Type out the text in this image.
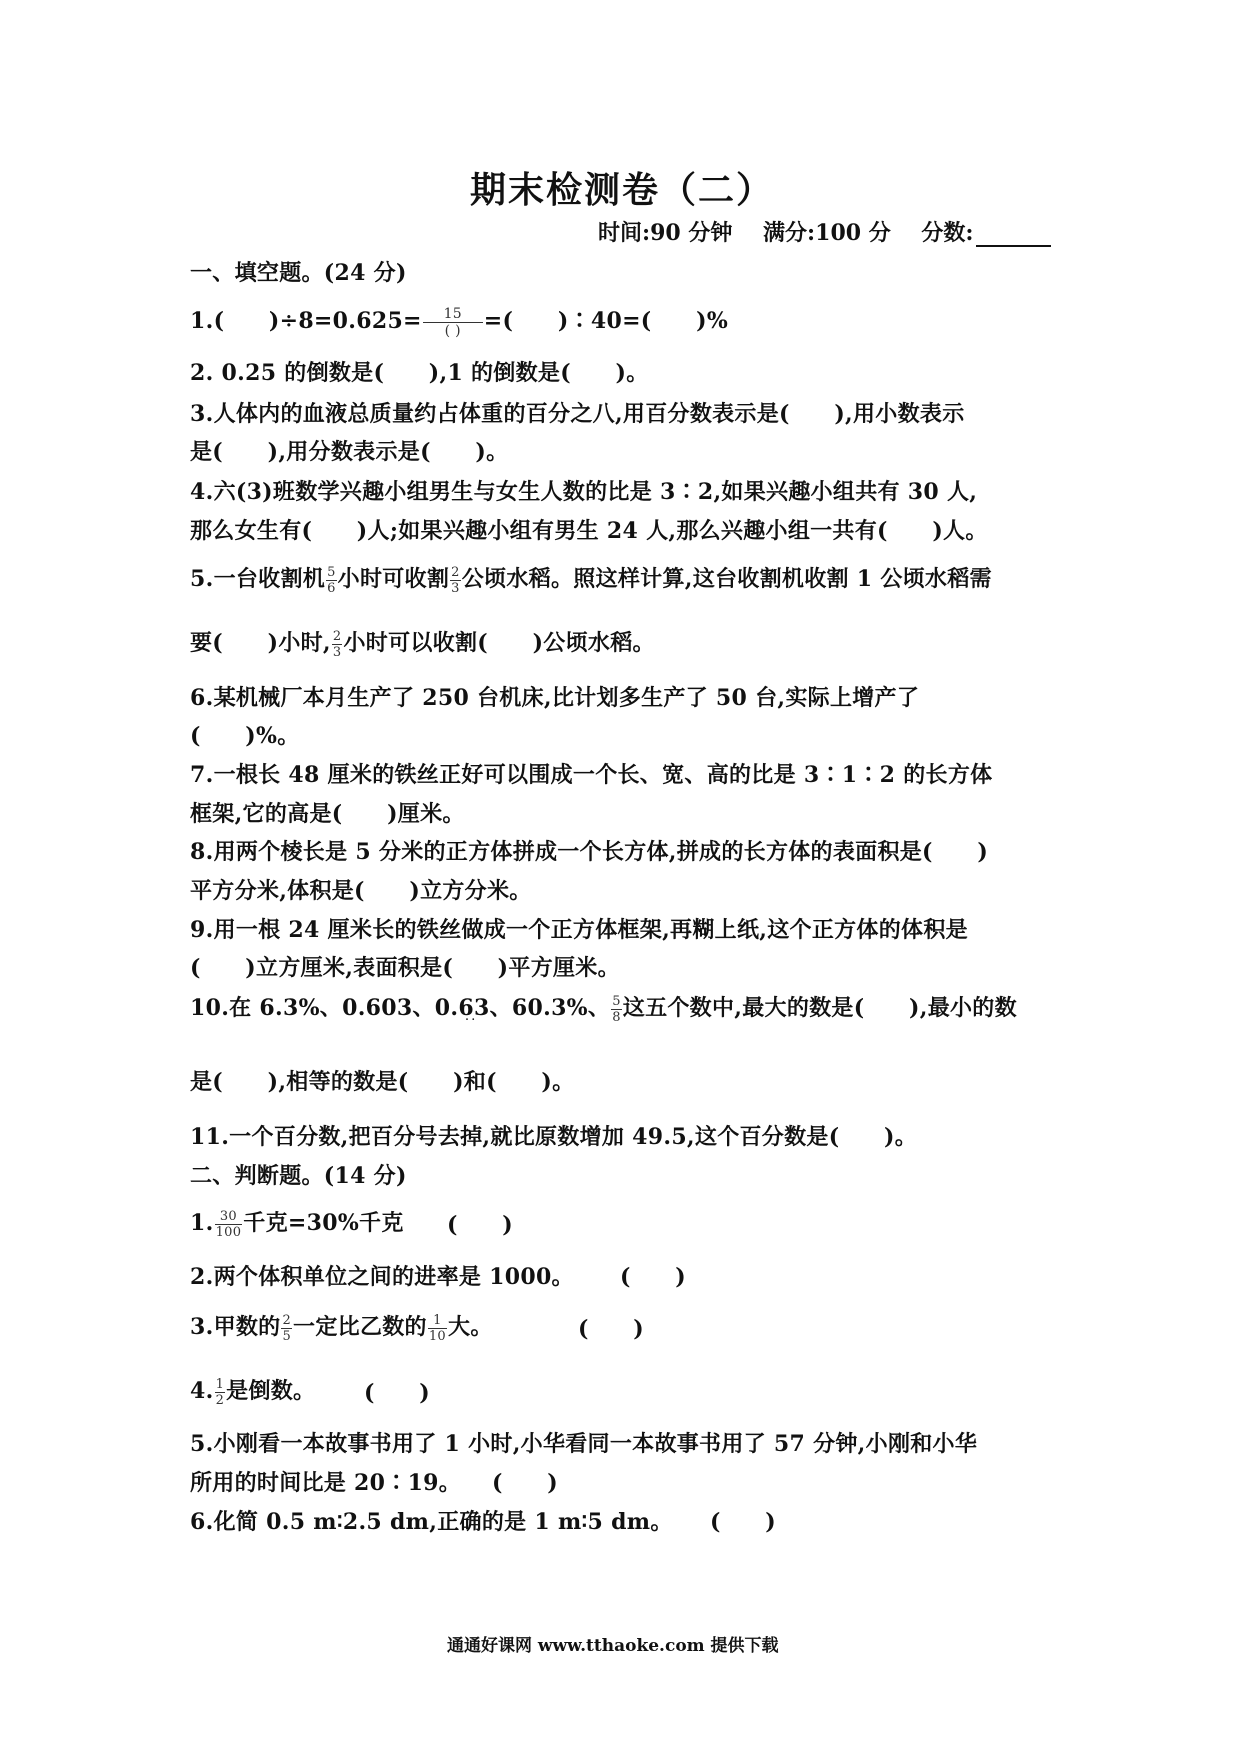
期末检测卷（二）
时间:90 分钟 满分:100 分 分数:
一、填空题。(24 分)
1.(　　)$\div 8=0.625= \frac{15}{( )}$ =(　　)∶40=(　　)%
2. 0.25 的倒数是(　　),1 的倒数是(　　)。
3.人体内的血液总质量约占体重的百分之八,用百分数表示是(　　),用小数表示
是(　　),用分数表示是(　　)。
4.六(3)班数学兴趣小组男生与女生人数的比是 3∶2,如果兴趣小组共有 30 人,
那么女生有(　　)人;如果兴趣小组有男生 24 人,那么兴趣小组一共有(　　)人。
5.一台收割机 $\frac{5}{6}$ 小时可收割 $\frac{2}{3}$ 公顷水稻。照这样计算,这台收割机收割 1 公顷水稻需
要(　　)小时, $\frac{2}{3}$ 小时可以收割(　　)公顷水稻。
6.某机械厂本月生产了 250 台机床,比计划多生产了 50 台,实际上增产了
(　　)%。
7.一根长 48 厘米的铁丝正好可以围成一个长、宽、高的比是 3∶1∶2 的长方体
框架,它的高是(　　)厘米。
8.用两个棱长是 5 分米的正方体拼成一个长方体,拼成的长方体的表面积是(　　)
平方分米,体积是(　　)立方分米。
9.用一根 24 厘米长的铁丝做成一个正方体框架,再糊上纸,这个正方体的体积是
(　　)立方厘米,表面积是(　　)平方厘米。
10.在 6.3%、0.603、0.63
˙˙
、60.3%、 $\frac{5}{8}$ 这五个数中,最大的数是(　　),最小的数
是(　　),相等的数是(　　)和(　　)。
11.一个百分数,把百分号去掉,就比原数增加 49.5,这个百分数是(　　)。
二、判断题。(14 分)
1. $\frac{30}{100}$ 千克=30%千克 (　　)
2.两个体积单位之间的进率是 1000。 (　　)
3.甲数的 $\frac{2}{5}$ 一定比乙数的 $\frac{1}{10}$ 大。	(　　)
4. $\frac{1}{2}$ 是倒数。 (　　)
5.小刚看一本故事书用了 1 小时,小华看同一本故事书用了 57 分钟,小刚和小华
所用的时间比是 20∶19。 (　　)
6.化简 0.5 m∶2.5 dm,正确的是 1 m∶5 dm。 (　　)
通通好课网 www.tthaoke.com 提供下载
